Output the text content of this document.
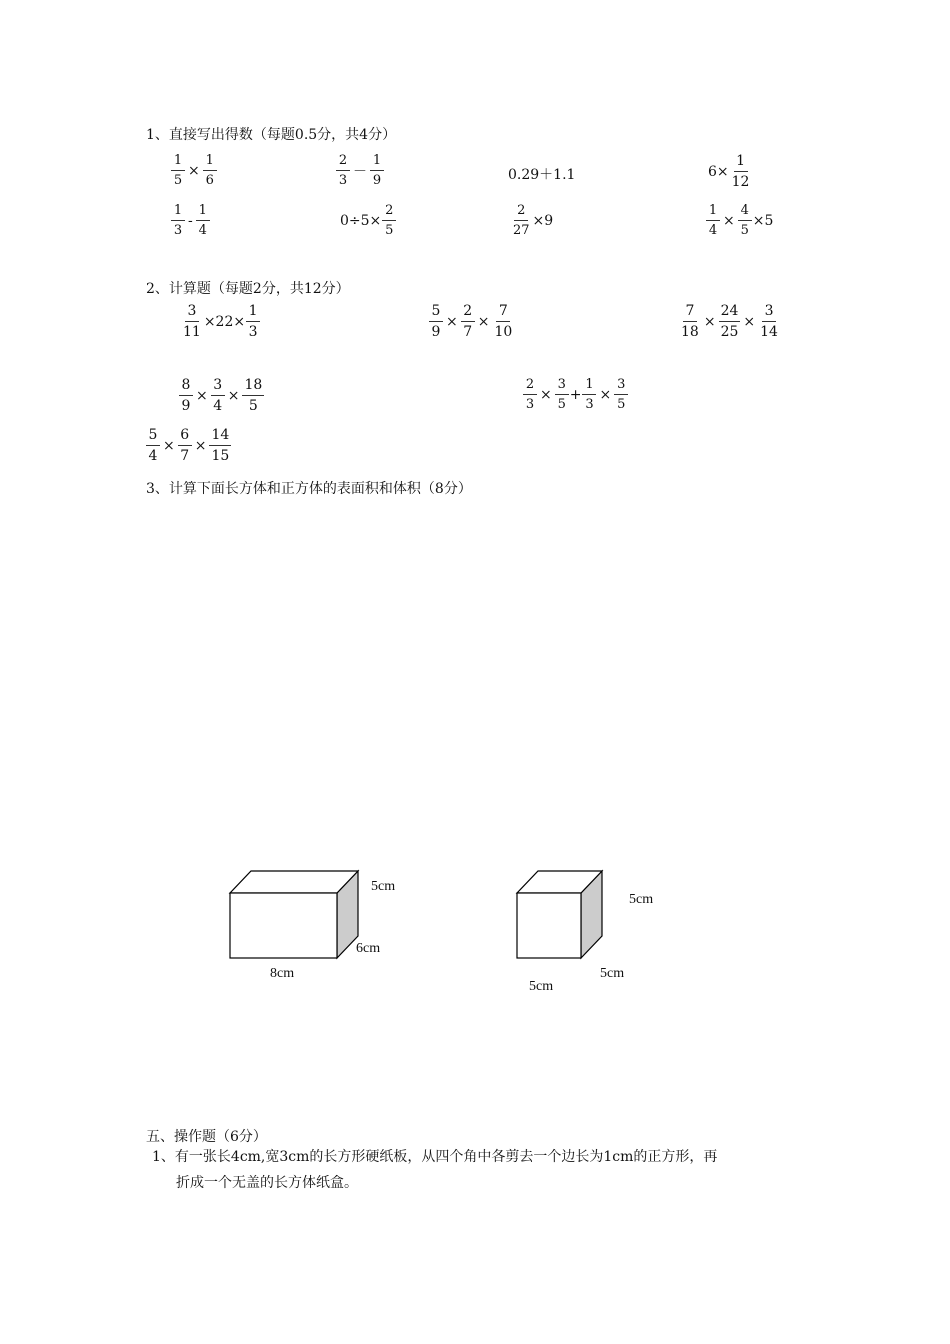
1、直接写出得数（每题0.5分，共4分）
$\frac{1}{5} \times \frac{1}{6}$	$\frac{2}{3} - \frac{1}{9}$	0.29＋1.1	$6\times \frac{1}{12}$
$\frac{1}{3} - \frac{1}{4}$	$0\div 5\times \frac{2}{5}$	$\frac{2}{27} \times 9$	$\frac{1}{4} \times \frac{4}{5} \times 5$
2、计算题（每题2分，共12分）
$\frac{3}{11} \times 22\times \frac{1}{3}$	$\frac{5}{9} \times \frac{2}{7} \times \frac{7}{10}$	$\frac{7}{18} \times \frac{24}{25} \times \frac{3}{14}$
$\frac{8}{9} \times \frac{3}{4} \times \frac{18}{5}$	$\frac{2}{3} \times \frac{3}{5} + \frac{1}{3} \times \frac{3}{5}$
$\frac{5}{4} \times \frac{6}{7} \times \frac{14}{15}$
3、计算下面长方体和正方体的表面积和体积（8分）
5cm
6cm
8cm
5cm
5cm
5cm
五、操作题（6分）
1、有一张长4cm,宽3cm的长方形硬纸板，从四个角中各剪去一个边长为1cm的正方形，再
折成一个无盖的长方体纸盒。
